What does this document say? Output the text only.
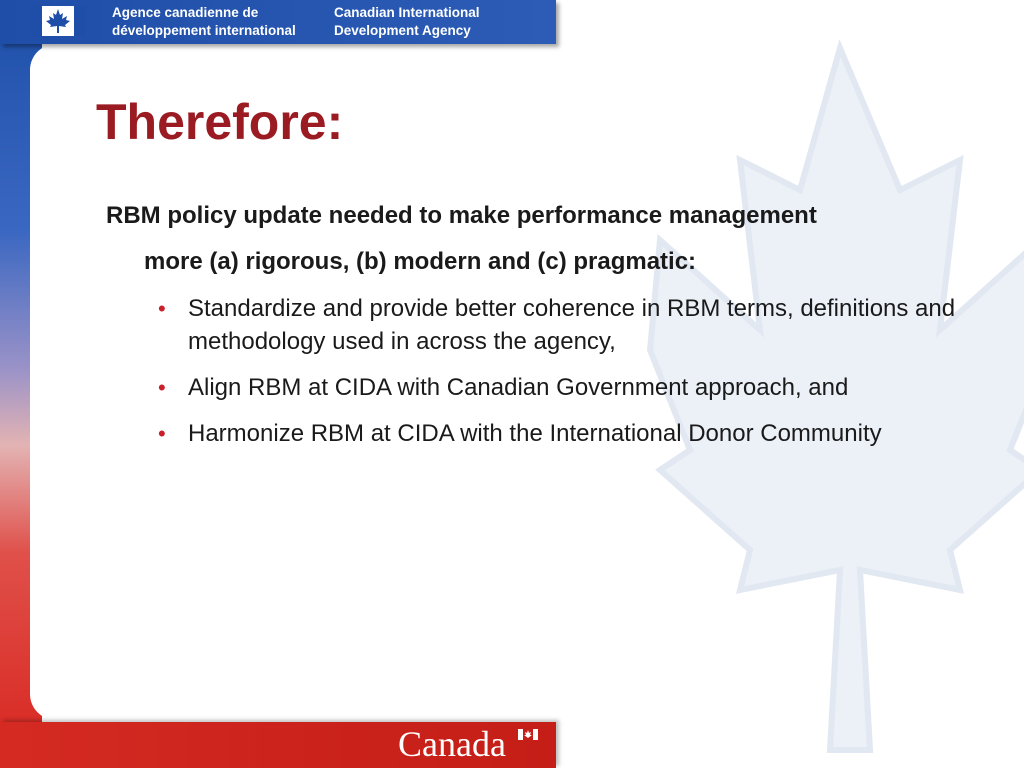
Agence canadienne de
développement international
Canadian International
Development Agency
Therefore:

RBM policy update needed to make performance management
more (a) rigorous, (b) modern and (c) pragmatic:

• Standardize and provide better coherence in RBM terms, definitions and methodology used in across the agency,
• Align RBM at CIDA with Canadian Government approach, and
• Harmonize RBM at CIDA with the International Donor Community
Canada
